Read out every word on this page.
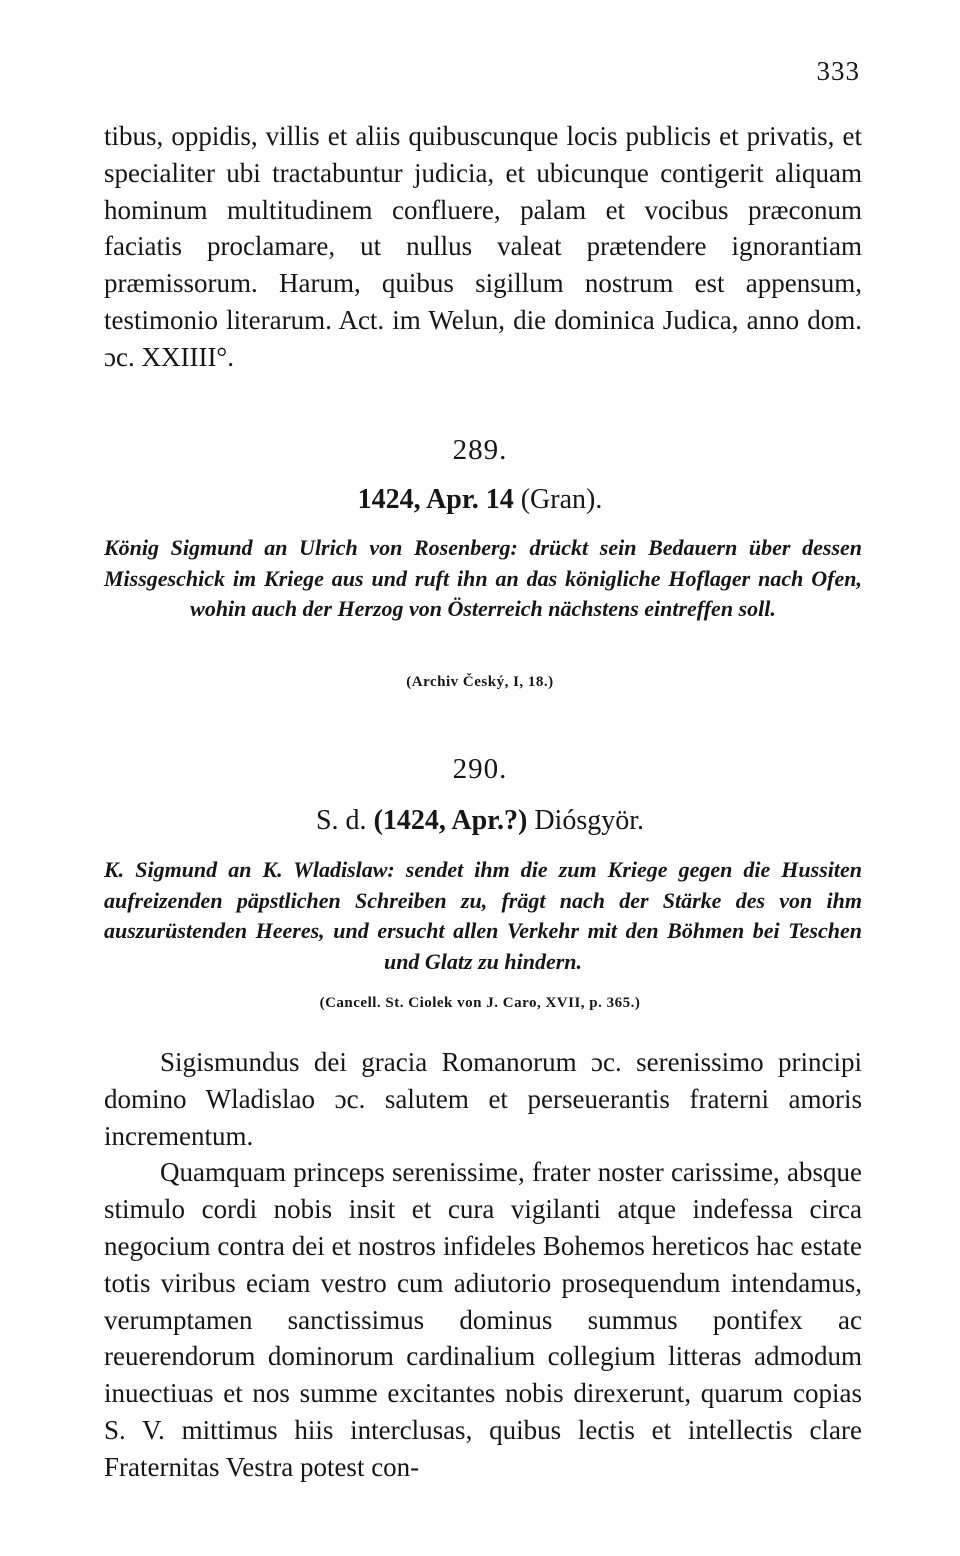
333

tibus, oppidis, villis et aliis quibuscunque locis publicis et privatis, et specialiter ubi tractabuntur judicia, et ubicunque contigerit aliquam hominum multitudinem confluere, palam et vocibus præconum faciatis proclamare, ut nullus valeat prætendere ignorantiam præmissorum. Harum, quibus sigillum nostrum est appensum, testimonio literarum. Act. im Welun, die dominica Judica, anno dom. ɔc. XXIIII°.

289.
1424, Apr. 14 (Gran).
König Sigmund an Ulrich von Rosenberg: drückt sein Bedauern über dessen Missgeschick im Kriege aus und ruft ihn an das königliche Hoflager nach Ofen, wohin auch der Herzog von Österreich nächstens eintreffen soll.
(Archiv Český, I, 18.)
290.
S. d. (1424, Apr.?) Diósgyör.
K. Sigmund an K. Wladislaw: sendet ihm die zum Kriege gegen die Hussiten aufreizenden päpstlichen Schreiben zu, frägt nach der Stärke des von ihm auszurüstenden Heeres, und ersucht allen Verkehr mit den Böhmen bei Teschen und Glatz zu hindern.
(Cancell. St. Ciolek von J. Caro, XVII, p. 365.)

Sigismundus dei gracia Romanorum ɔc. serenissimo principi domino Wladislao ɔc. salutem et perseuerantis fraterni amoris incrementum.

Quamquam princeps serenissime, frater noster carissime, absque stimulo cordi nobis insit et cura vigilanti atque indefessa circa negocium contra dei et nostros infideles Bohemos hereticos hac estate totis viribus eciam vestro cum adiutorio prosequendum intendamus, verumptamen sanctissimus dominus summus pontifex ac reuerendorum dominorum cardinalium collegium litteras admodum inuectiuas et nos summe excitantes nobis direxerunt, quarum copias S. V. mittimus hiis interclusas, quibus lectis et intellectis clare Fraternitas Vestra potest con-
